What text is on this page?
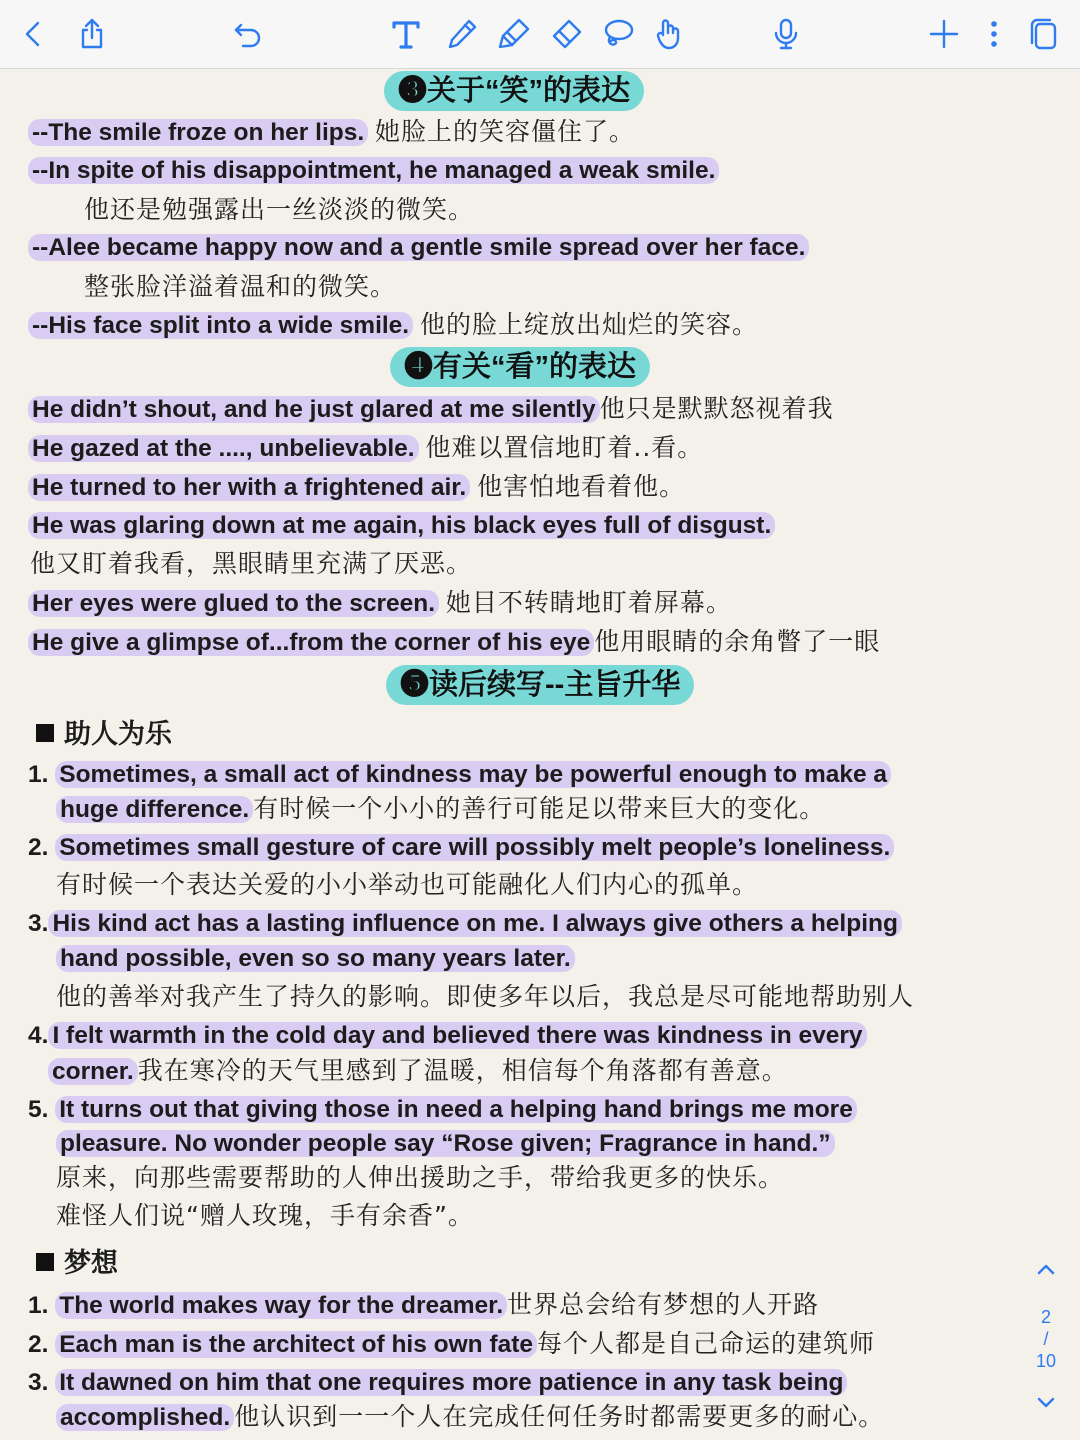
❸关于“笑”的表达
--The smile froze on her lips. 她脸上的笑容僵住了。
--In spite of his disappointment, he managed a weak smile.
他还是勉强露出一丝淡淡的微笑。
--Alee became happy now and a gentle smile spread over her face.
整张脸洋溢着温和的微笑。
--His face split into a wide smile. 他的脸上绽放出灿烂的笑容。
❹有关“看”的表达
He didn’t shout, and he just glared at me silently 他只是默默怒视着我
He gazed at the ...., unbelievable. 他难以置信地盯着..看。
He turned to her with a frightened air. 他害怕地看着他。
He was glaring down at me again, his black eyes full of disgust.
他又盯着我看，黑眼睛里充满了厌恶。
Her eyes were glued to the screen. 她目不转睛地盯着屏幕。
He give a glimpse of...from the corner of his eye 他用眼睛的余角瞥了一眼
❺读后续写--主旨升华
助人为乐
1. Sometimes, a small act of kindness may be powerful enough to make a
huge difference. 有时候一个小小的善行可能足以带来巨大的变化。
2. Sometimes small gesture of care will possibly melt people’s loneliness.
有时候一个表达关爱的小小举动也可能融化人们内心的孤单。
3. His kind act has a lasting influence on me. I always give others a helping
hand possible, even so so many years later.
他的善举对我产生了持久的影响。即使多年以后，我总是尽可能地帮助别人
4. I felt warmth in the cold day and believed there was kindness in every
corner. 我在寒冷的天气里感到了温暖，相信每个角落都有善意。
5. It turns out that giving those in need a helping hand brings me more
pleasure. No wonder people say “Rose given; Fragrance in hand.”
原来，向那些需要帮助的人伸出援助之手，带给我更多的快乐。
难怪人们说“赠人玫瑰，手有余香”。
梦想
1. The world makes way for the dreamer. 世界总会给有梦想的人开路
2. Each man is the architect of his own fate 每个人都是自己命运的建筑师
3. It dawned on him that one requires more patience in any task being
accomplished. 他认识到一一个人在完成任何任务时都需要更多的耐心。
2
/
10
